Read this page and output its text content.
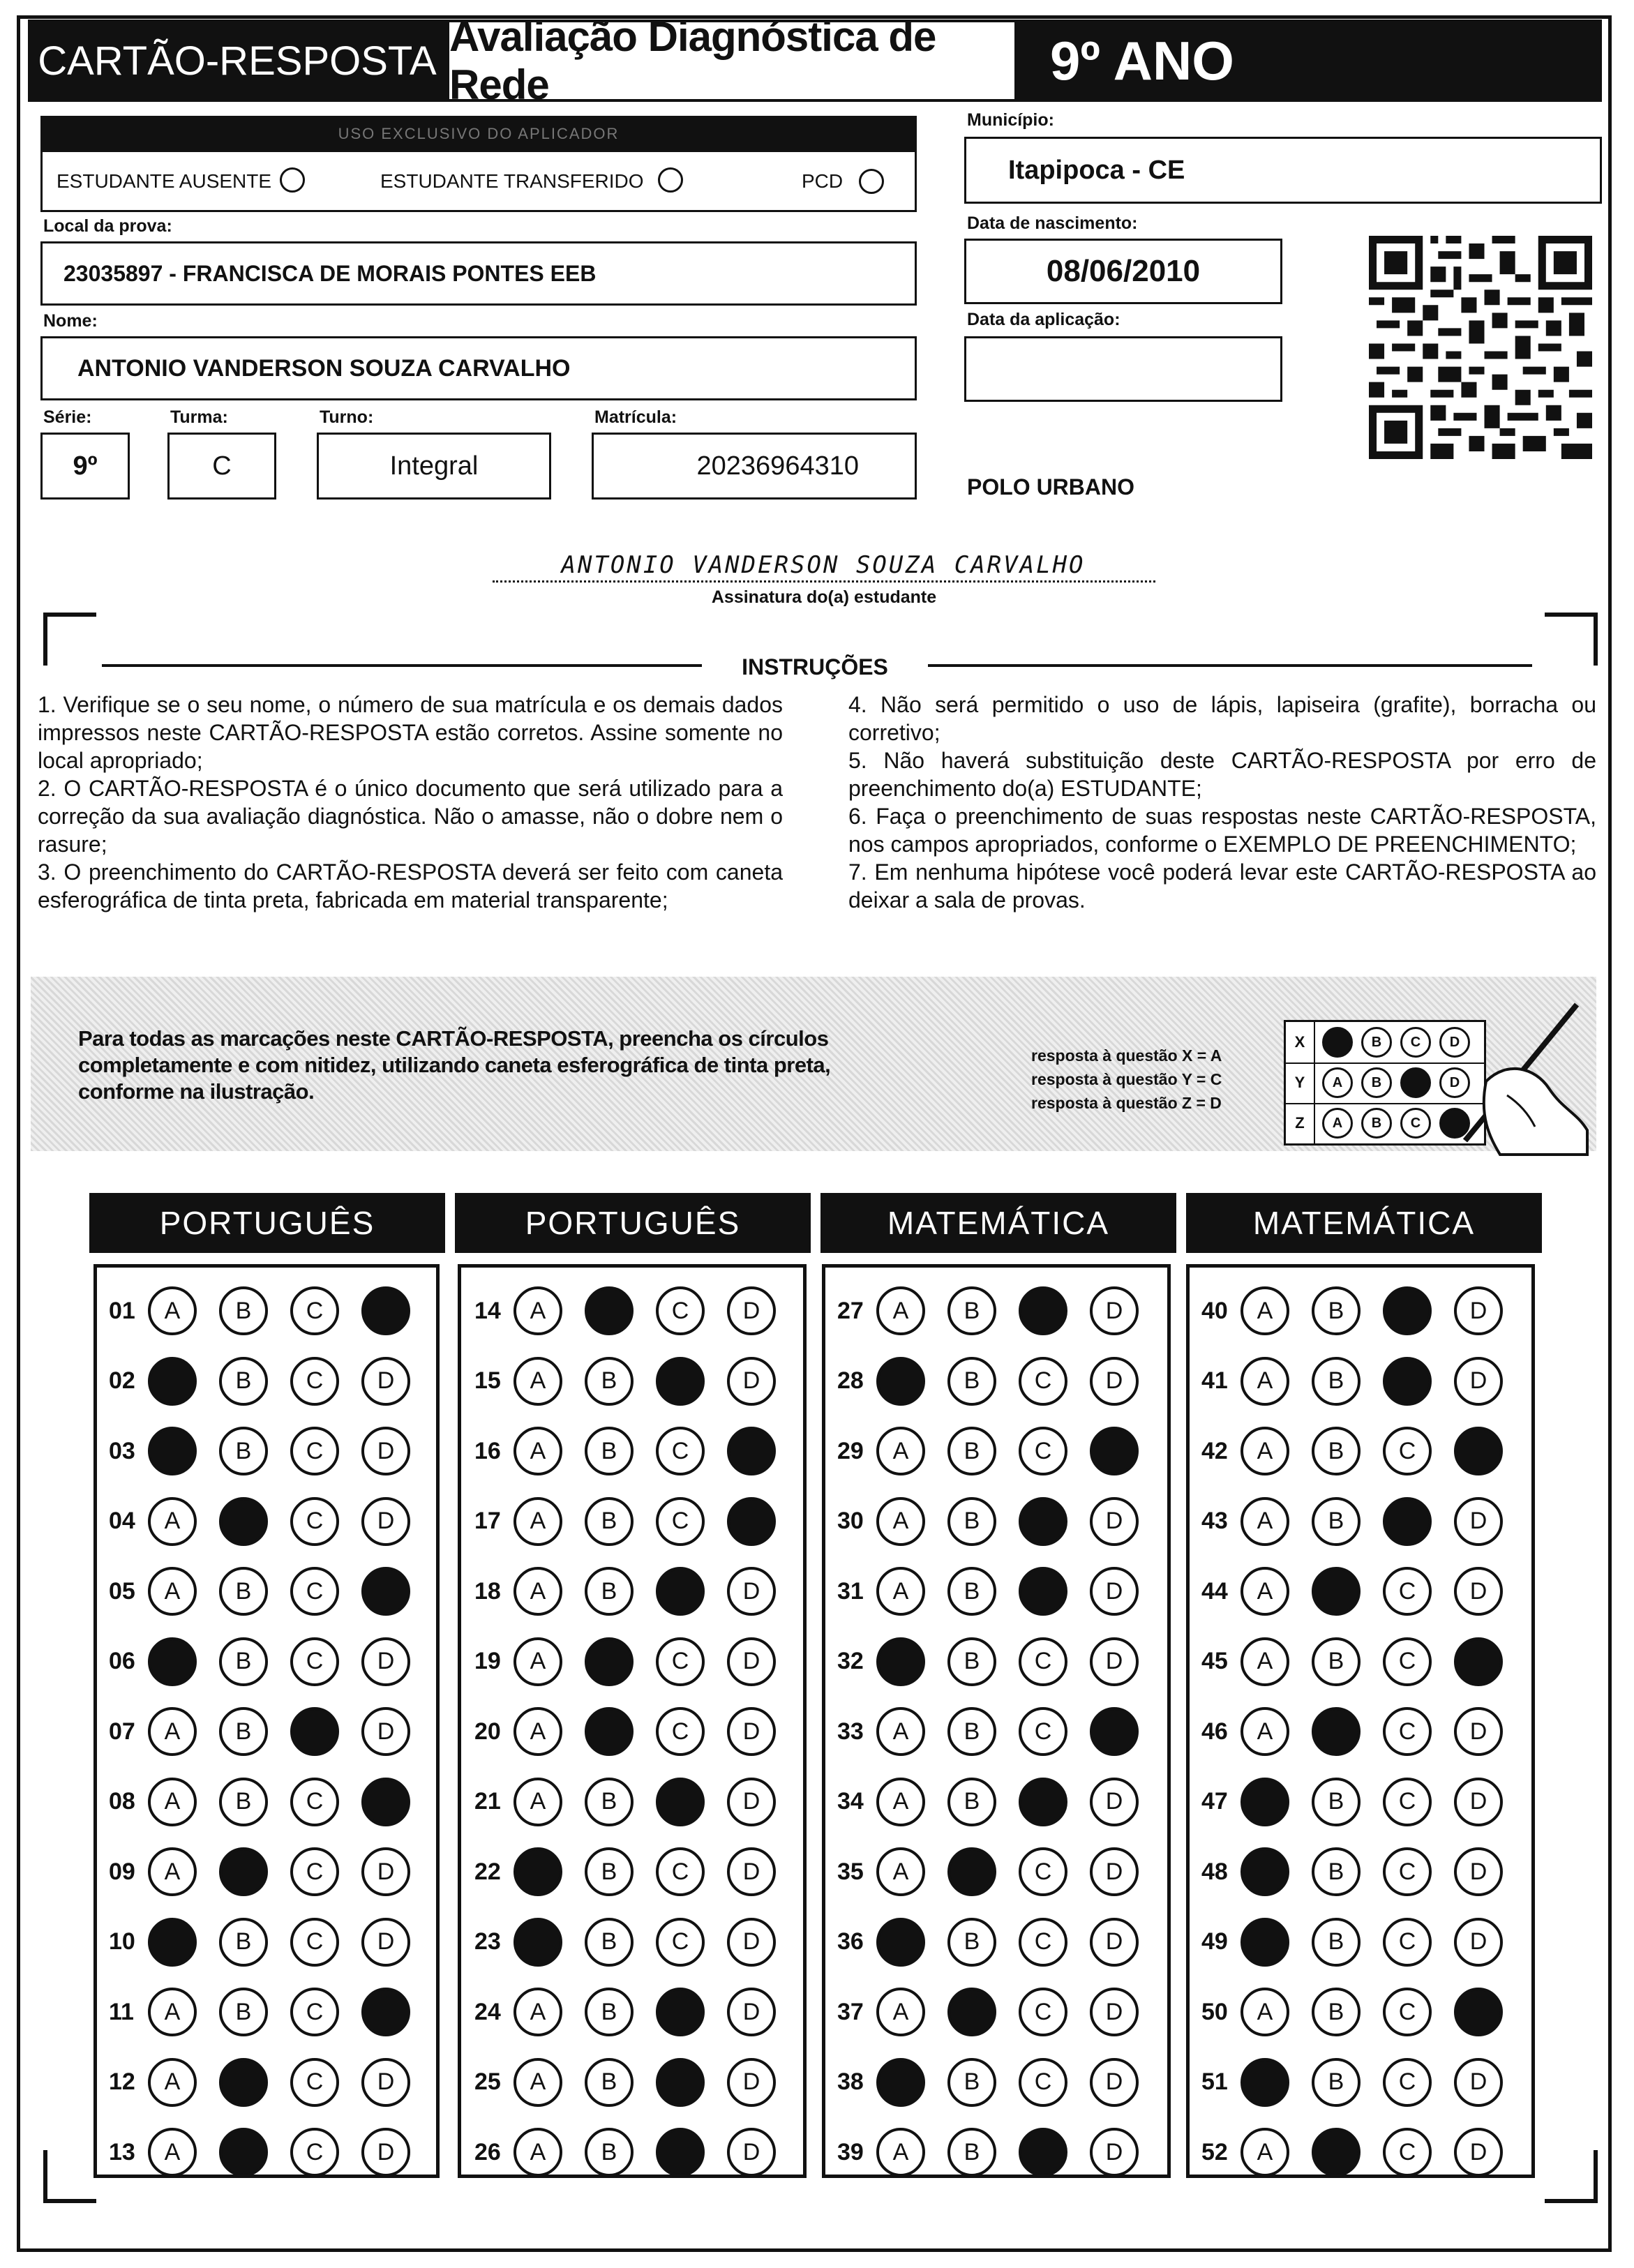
CARTÃO-RESPOSTA
Avaliação Diagnóstica de Rede	9º ANO
USO EXCLUSIVO DO APLICADOR
ESTUDANTE AUSENTE	ESTUDANTE TRANSFERIDO	PCD
Local da prova:
23035897 - FRANCISCA DE MORAIS PONTES EEB
Nome:
ANTONIO VANDERSON SOUZA CARVALHO
Série:	Turma:	Turno:	Matrícula:
9º	C	Integral	20236964310
Município:
Itapipoca - CE
Data de nascimento:
08/06/2010
Data da aplicação:
POLO URBANO
ANTONIO VANDERSON SOUZA CARVALHO
Assinatura do(a) estudante
INSTRUÇÕES

1. Verifique se o seu nome, o número de sua matrícula e os demais dados impressos neste CARTÃO-RESPOSTA estão corretos. Assine somente no local apropriado;

2. O CARTÃO-RESPOSTA é o único documento que será utilizado para a correção da sua avaliação diagnóstica. Não o amasse, não o dobre nem o rasure;

3. O preenchimento do CARTÃO-RESPOSTA deverá ser feito com caneta esferográfica de tinta preta, fabricada em material transparente;

4. Não será permitido o uso de lápis, lapiseira (grafite), borracha ou corretivo;

5. Não haverá substituição deste CARTÃO-RESPOSTA por erro de preenchimento do(a) ESTUDANTE;

6. Faça o preenchimento de suas respostas neste CARTÃO-RESPOSTA, nos campos apropriados, conforme o EXEMPLO DE PREENCHIMENTO;

7. Em nenhuma hipótese você poderá levar este CARTÃO-RESPOSTA ao deixar a sala de provas.

Para todas as marcações neste CARTÃO-RESPOSTA, preencha os círculos completamente e com nitidez, utilizando caneta esferográfica de tinta preta, conforme na ilustração.
resposta à questão X = A
resposta à questão Y = C
resposta à questão Z = D
X	B	C	D
Y	A	B	D
Z	A	B	C
PORTUGUÊS	PORTUGUÊS	MATEMÁTICA	MATEMÁTICA
01	A	B	C
02	B	C	D
03	B	C	D
04	A	C	D
05	A	B	C
06	B	C	D
07	A	B	D
08	A	B	C
09	A	C	D
10	B	C	D
11	A	B	C
12	A	C	D
13	A	C	D
14	A	C	D
15	A	B	D
16	A	B	C
17	A	B	C
18	A	B	D
19	A	C	D
20	A	C	D
21	A	B	D
22	B	C	D
23	B	C	D
24	A	B	D
25	A	B	D
26	A	B	D
27	A	B	D
28	B	C	D
29	A	B	C
30	A	B	D
31	A	B	D
32	B	C	D
33	A	B	C
34	A	B	D
35	A	C	D
36	B	C	D
37	A	C	D
38	B	C	D
39	A	B	D
40	A	B	D
41	A	B	D
42	A	B	C
43	A	B	D
44	A	C	D
45	A	B	C
46	A	C	D
47	B	C	D
48	B	C	D
49	B	C	D
50	A	B	C
51	B	C	D
52	A	C	D
